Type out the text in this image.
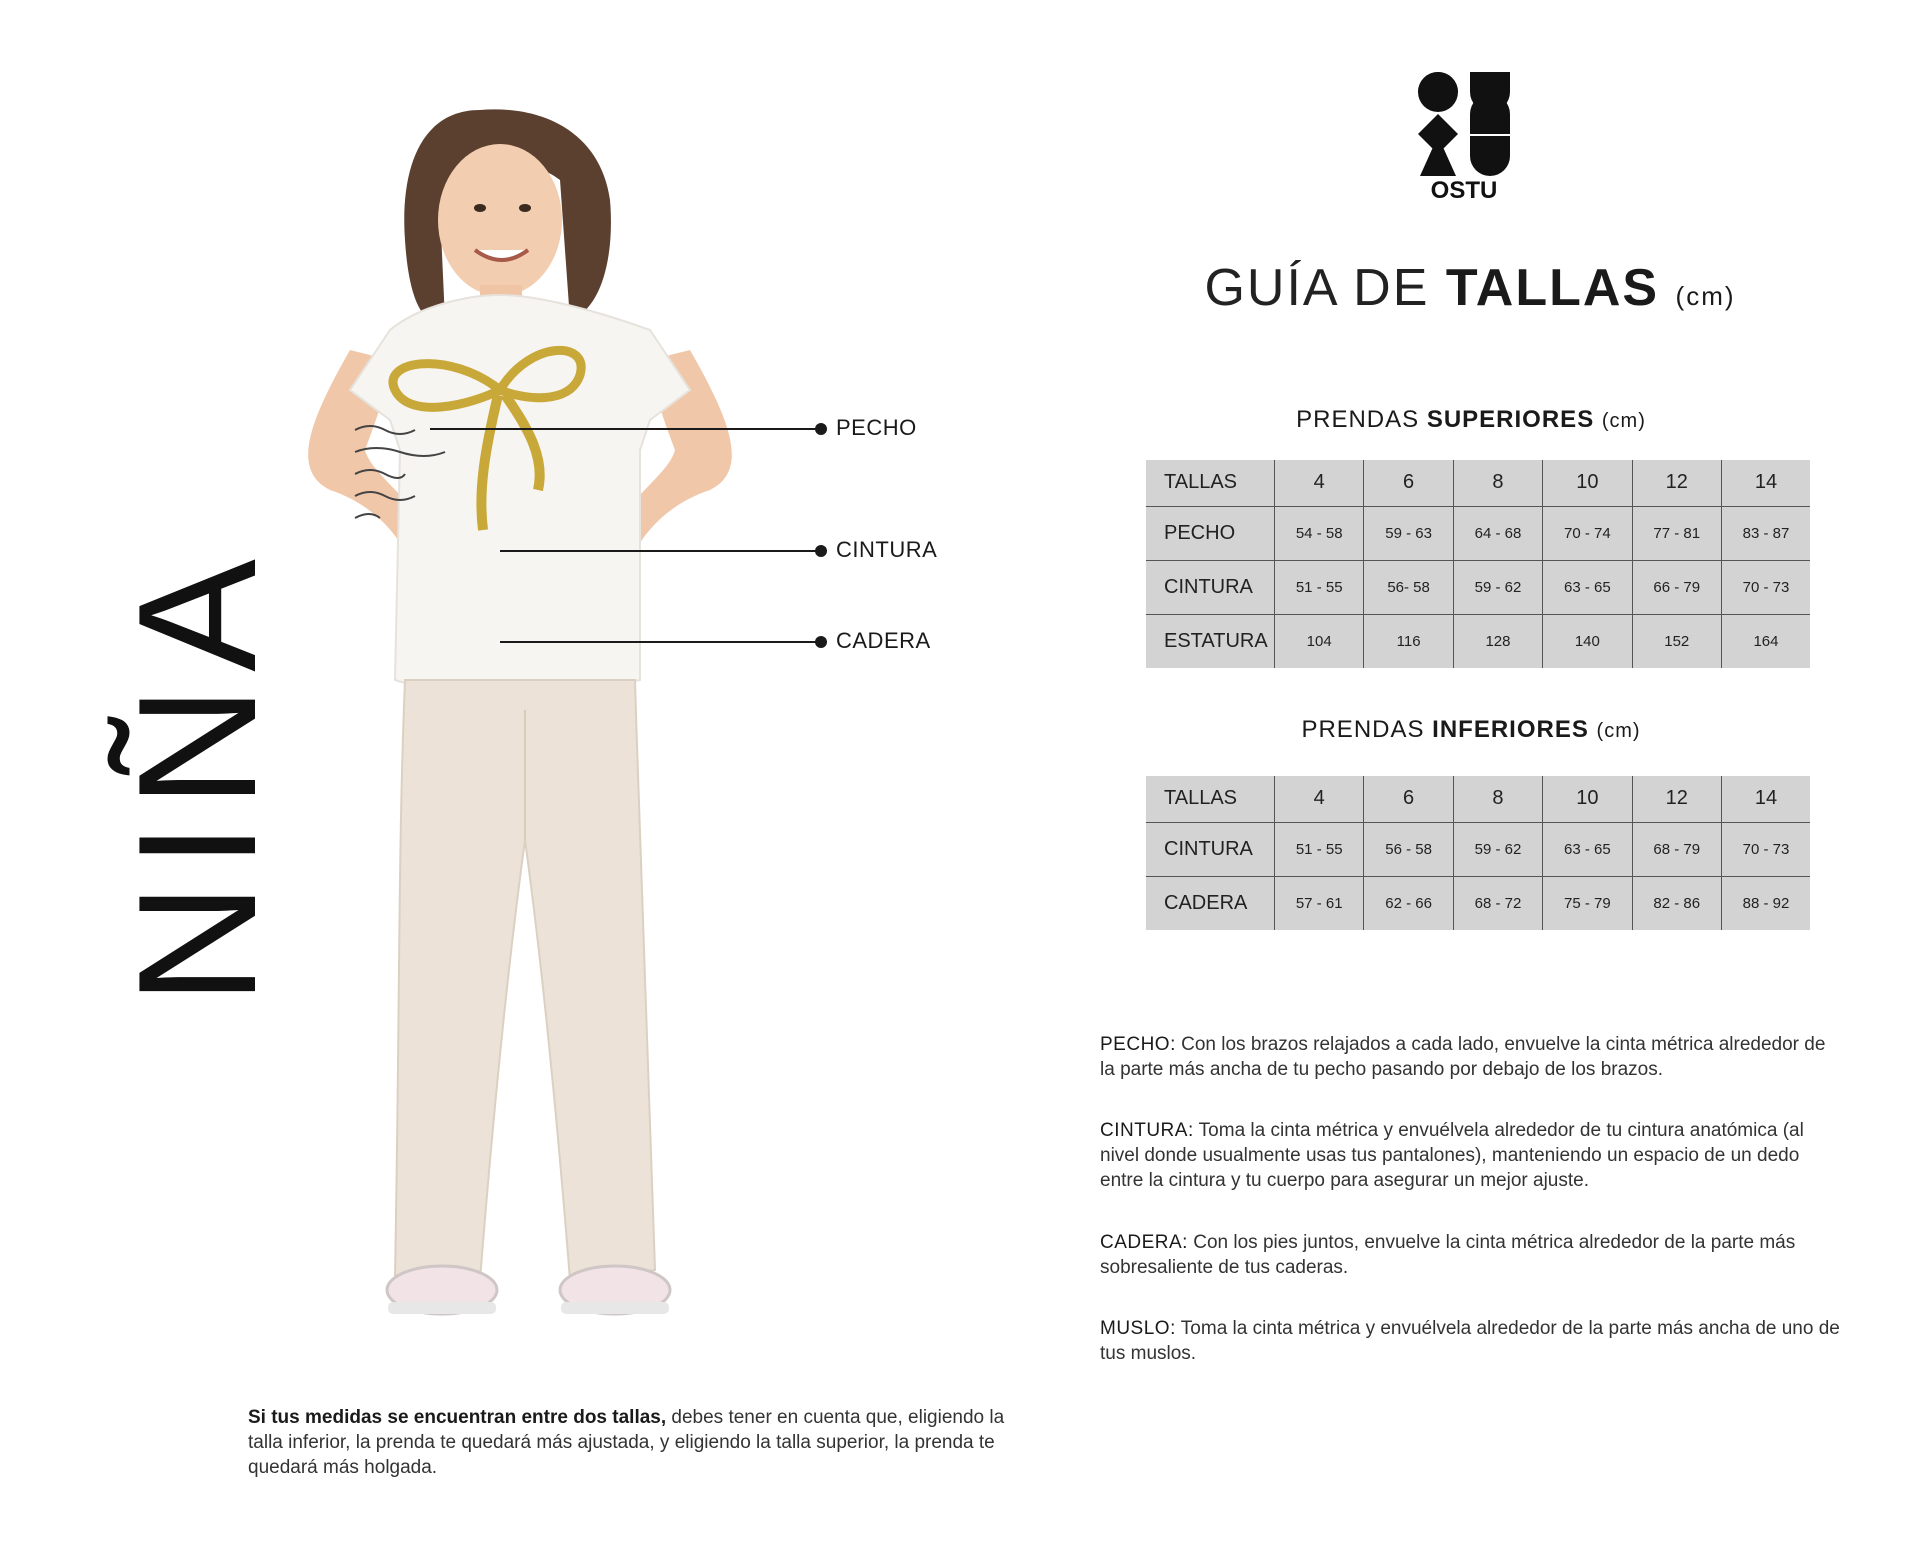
NIÑA
PECHO
CINTURA
CADERA
Si tus medidas se encuentran entre dos tallas, debes tener en cuenta que, eligiendo la talla inferior, la prenda te quedará más ajustada, y eligiendo la talla superior, la prenda te quedará más holgada.
OSTU
GUÍA DE TALLAS (cm)
PRENDAS SUPERIORES (cm)
TALLAS	4	6	8	10	12	14
PECHO	54 - 58	59 - 63	64 - 68	70 - 74	77 - 81	83 - 87
CINTURA	51 - 55	56- 58	59 - 62	63 - 65	66 - 79	70 - 73
ESTATURA	104	116	128	140	152	164
PRENDAS INFERIORES (cm)
TALLAS	4	6	8	10	12	14
CINTURA	51 - 55	56 - 58	59 - 62	63 - 65	68 - 79	70 - 73
CADERA	57 - 61	62 - 66	68 - 72	75 - 79	82 - 86	88 - 92
PECHO: Con los brazos relajados a cada lado, envuelve la cinta métrica alrededor de la parte más ancha de tu pecho pasando por debajo de los brazos.
CINTURA: Toma la cinta métrica y envuélvela alrededor de tu cintura anatómica (al nivel donde usualmente usas tus pantalones), manteniendo un espacio de un dedo entre la cintura y tu cuerpo para asegurar un mejor ajuste.
CADERA: Con los pies juntos, envuelve la cinta métrica alrededor de la parte más sobresaliente de tus caderas.
MUSLO: Toma la cinta métrica y envuélvela alrededor de la parte más ancha de uno de tus muslos.
